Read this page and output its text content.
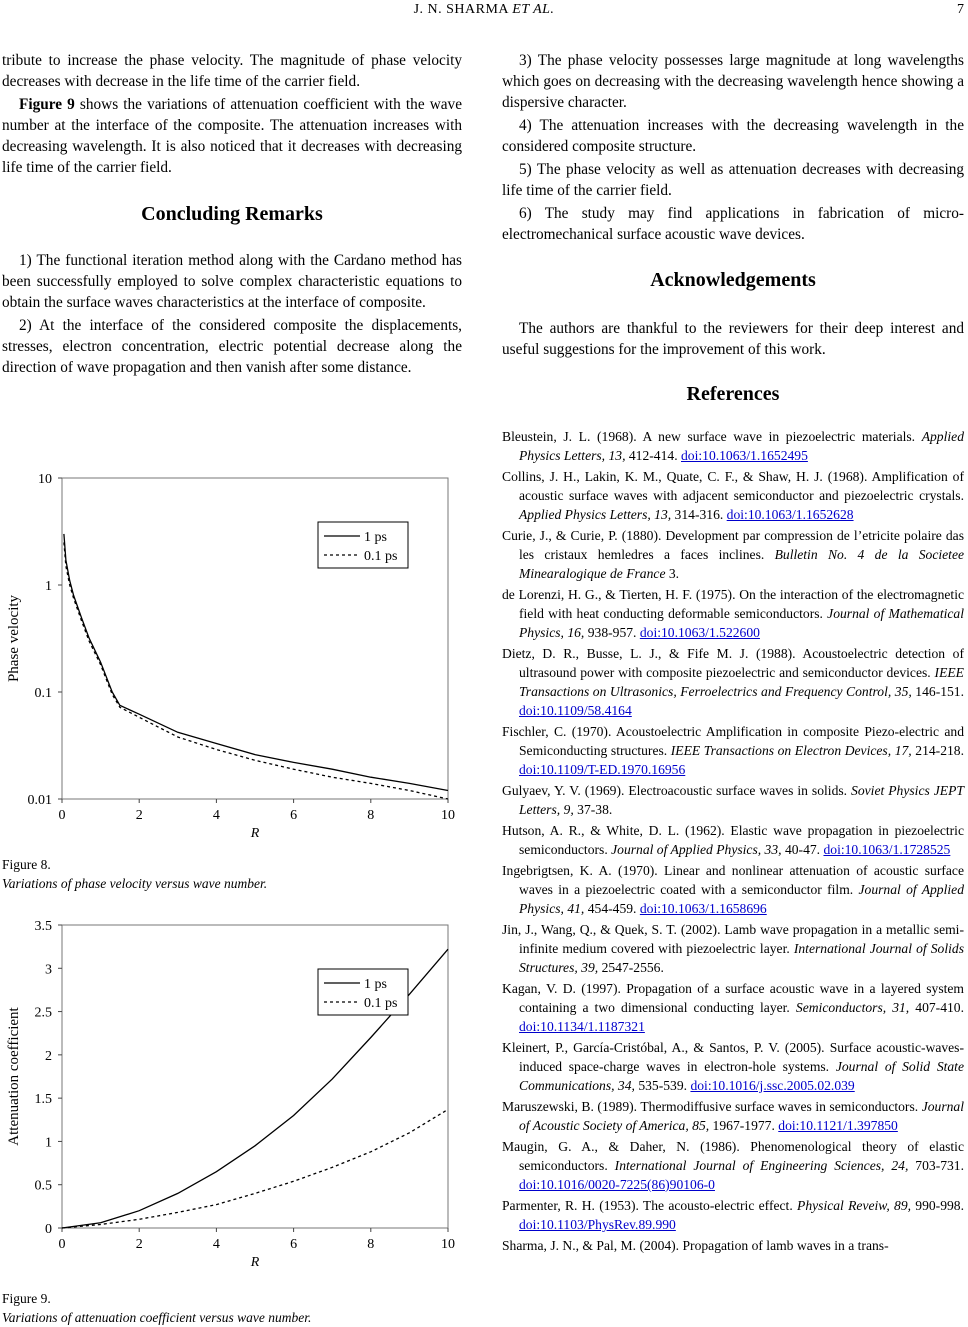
J. N. SHARMA ET AL.	7

tribute to increase the phase velocity. The magnitude of phase velocity decreases with decrease in the life time of the carrier field.

Figure 9 shows the variations of attenuation coefficient with the wave number at the interface of the composite. The attenuation increases with decreasing wavelength. It is also noticed that it decreases with decreasing life time of the carrier field.

Concluding Remarks

1) The functional iteration method along with the Cardano method has been successfully employed to solve complex characteristic equations to obtain the surface waves characteristics at the interface of composite.

2) At the interface of the considered composite the displacements, stresses, electron concentration, electric potential decrease along the direction of wave propagation and then vanish after some distance.

0.01
0.1
1
10
0	2	4	6	8	10
R
Phase velocity
1 ps
0.1 ps
Figure 8.
Variations of phase velocity versus wave number.
0
0.5
1
1.5
2
2.5
3
3.5
0	2	4	6	8	10
R
Attenuation coefficient
1 ps
0.1 ps
Figure 9.
Variations of attenuation coefficient versus wave number.

3) The phase velocity possesses large magnitude at long wavelengths which goes on decreasing with the decreasing wavelength hence showing a dispersive character.

4) The attenuation increases with the decreasing wavelength in the considered composite structure.

5) The phase velocity as well as attenuation decreases with decreasing life time of the carrier field.

6) The study may find applications in fabrication of micro-electromechanical surface acoustic wave devices.

Acknowledgements

The authors are thankful to the reviewers for their deep interest and useful suggestions for the improvement of this work.

References
Bleustein, J. L. (1968). A new surface wave in piezoelectric materials. Applied Physics Letters, 13, 412-414. doi:10.1063/1.1652495
Collins, J. H., Lakin, K. M., Quate, C. F., & Shaw, H. J. (1968). Amplification of acoustic surface waves with adjacent semiconductor and piezoelectric crystals. Applied Physics Letters, 13, 314-316. doi:10.1063/1.1652628
Curie, J., & Curie, P. (1880). Development par compression de l’etricite polaire das les cristaux hemledres a faces inclines. Bulletin No. 4 de la Societee Minearalogique de France 3.
de Lorenzi, H. G., & Tierten, H. F. (1975). On the interaction of the electromagnetic field with heat conducting deformable semiconductors. Journal of Mathematical Physics, 16, 938-957. doi:10.1063/1.522600
Dietz, D. R., Busse, L. J., & Fife M. J. (1988). Acoustoelectric detection of ultrasound power with composite piezoelectric and semiconductor devices. IEEE Transactions on Ultrasonics, Ferroelectrics and Frequency Control, 35, 146-151. doi:10.1109/58.4164
Fischler, C. (1970). Acoustoelectric Amplification in composite Piezo-electric and Semiconducting structures. IEEE Transactions on Electron Devices, 17, 214-218. doi:10.1109/T-ED.1970.16956
Gulyaev, Y. V. (1969). Electroacoustic surface waves in solids. Soviet Physics JEPT Letters, 9, 37-38.
Hutson, A. R., & White, D. L. (1962). Elastic wave propagation in piezoelectric semiconductors. Journal of Applied Physics, 33, 40-47. doi:10.1063/1.1728525
Ingebrigtsen, K. A. (1970). Linear and nonlinear attenuation of acoustic surface waves in a piezoelectric coated with a semiconductor film. Journal of Applied Physics, 41, 454-459. doi:10.1063/1.1658696
Jin, J., Wang, Q., & Quek, S. T. (2002). Lamb wave propagation in a metallic semi-infinite medium covered with piezoelectric layer. International Journal of Solids Structures, 39, 2547-2556.
Kagan, V. D. (1997). Propagation of a surface acoustic wave in a layered system containing a two dimensional conducting layer. Semiconductors, 31, 407-410. doi:10.1134/1.1187321
Kleinert, P., García-Cristóbal, A., & Santos, P. V. (2005). Surface acoustic-waves-induced space-charge waves in electron-hole systems. Journal of Solid State Communications, 34, 535-539. doi:10.1016/j.ssc.2005.02.039
Maruszewski, B. (1989). Thermodiffusive surface waves in semiconductors. Journal of Acoustic Society of America, 85, 1967-1977. doi:10.1121/1.397850
Maugin, G. A., & Daher, N. (1986). Phenomenological theory of elastic semiconductors. International Journal of Engineering Sciences, 24, 703-731. doi:10.1016/0020-7225(86)90106-0
Parmenter, R. H. (1953). The acousto-electric effect. Physical Reveiw, 89, 990-998. doi:10.1103/PhysRev.89.990
Sharma, J. N., & Pal, M. (2004). Propagation of lamb waves in a trans-
